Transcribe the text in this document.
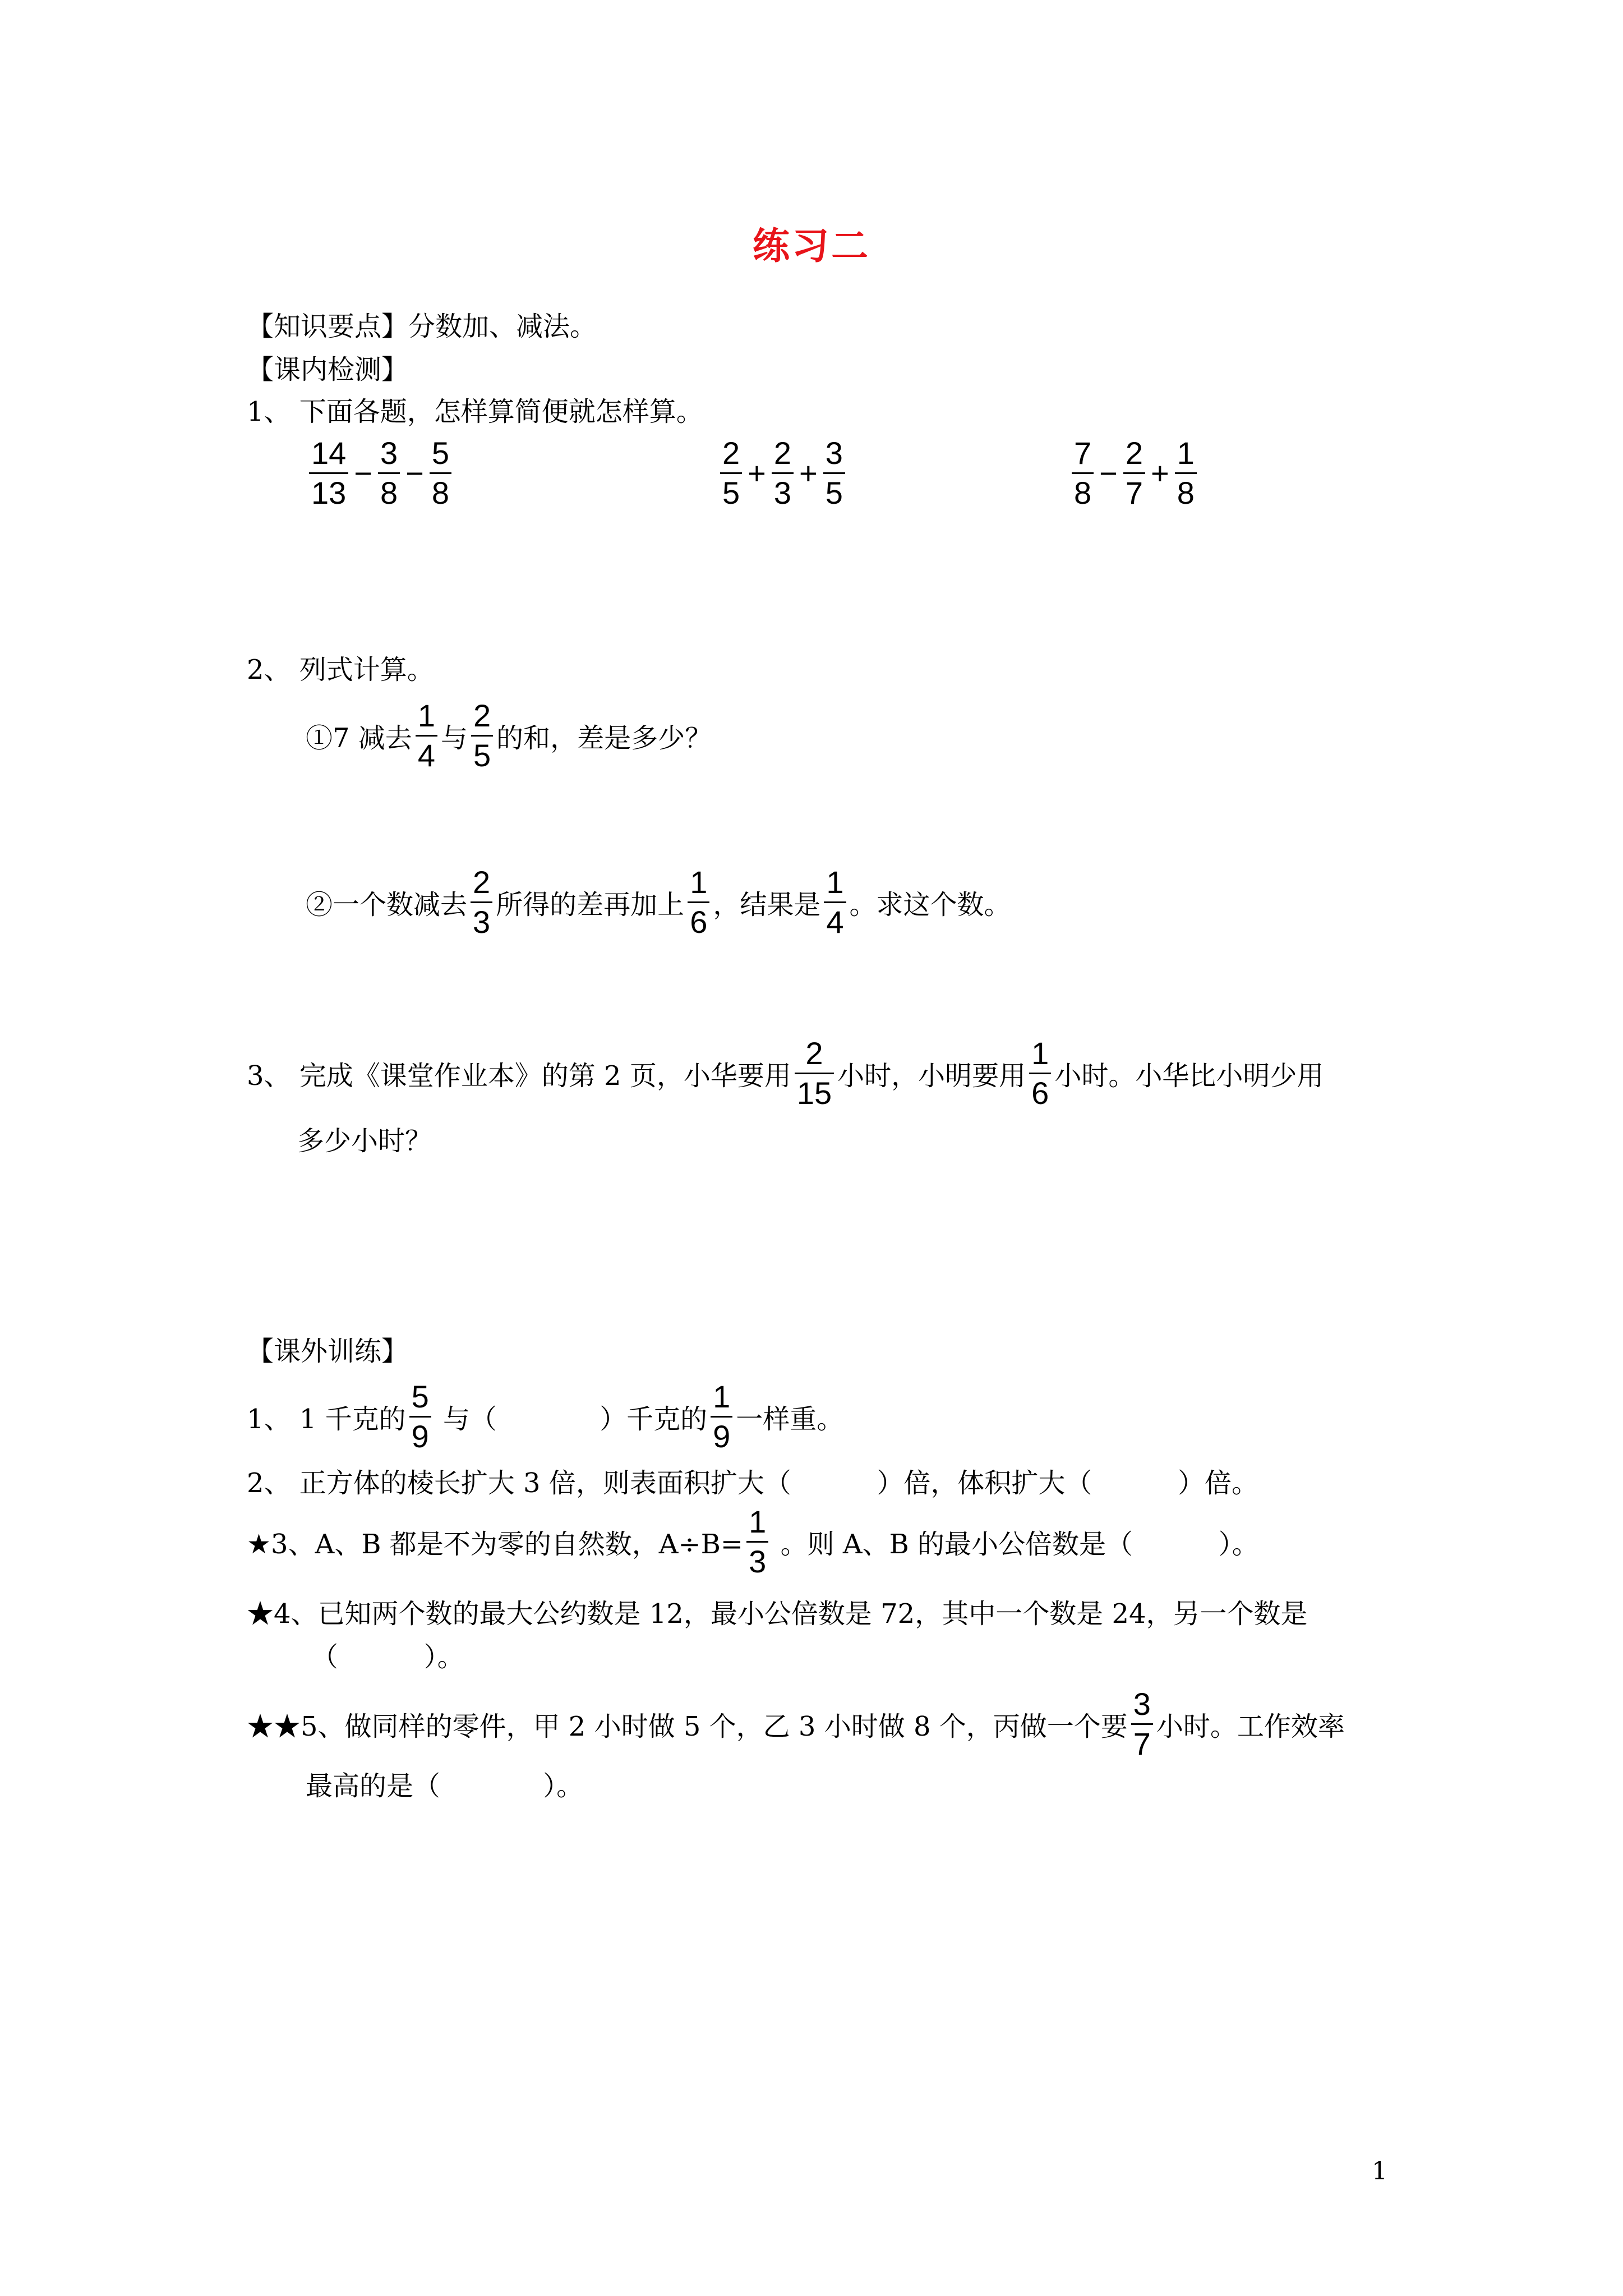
练习二
【知识要点】分数加、减法。
【课内检测】
1、 下面各题，怎样算简便就怎样算。
$\frac{14}{13} - \frac{3}{8} - \frac{5}{8}$	$\frac{2}{5} + \frac{2}{3} + \frac{3}{5}$	$\frac{7}{8} - \frac{2}{7} + \frac{1}{8}$
2、 列式计算。
①7 减去 $\frac{1}{4}$ 与 $\frac{2}{5}$ 的和，差是多少？
②一个数减去 $\frac{2}{3}$ 所得的差再加上 $\frac{1}{6}$ ，结果是 $\frac{1}{4}$ 。求这个数。
3、 完成《课堂作业本》的第 2 页，小华要用 $\frac{2}{15}$ 小时，小明要用 $\frac{1}{6}$ 小时。小华比小明少用
多少小时？
【课外训练】
1、 1 千克的 $\frac{5}{9}$ 与（            ）千克的 $\frac{1}{9}$ 一样重。
2、 正方体的棱长扩大 3 倍，则表面积扩大（          ）倍，体积扩大（          ）倍。
★3、A、B 都是不为零的自然数，$A\div B= \frac{1}{3}$ 。则 A、B 的最小公倍数是（          ）。
★4、已知两个数的最大公约数是 12，最小公倍数是 72，其中一个数是 24，另一个数是
（          ）。
★★5、做同样的零件，甲 2 小时做 5 个，乙 3 小时做 8 个，丙做一个要 $\frac{3}{7}$ 小时。工作效率
最高的是（            ）。
1
